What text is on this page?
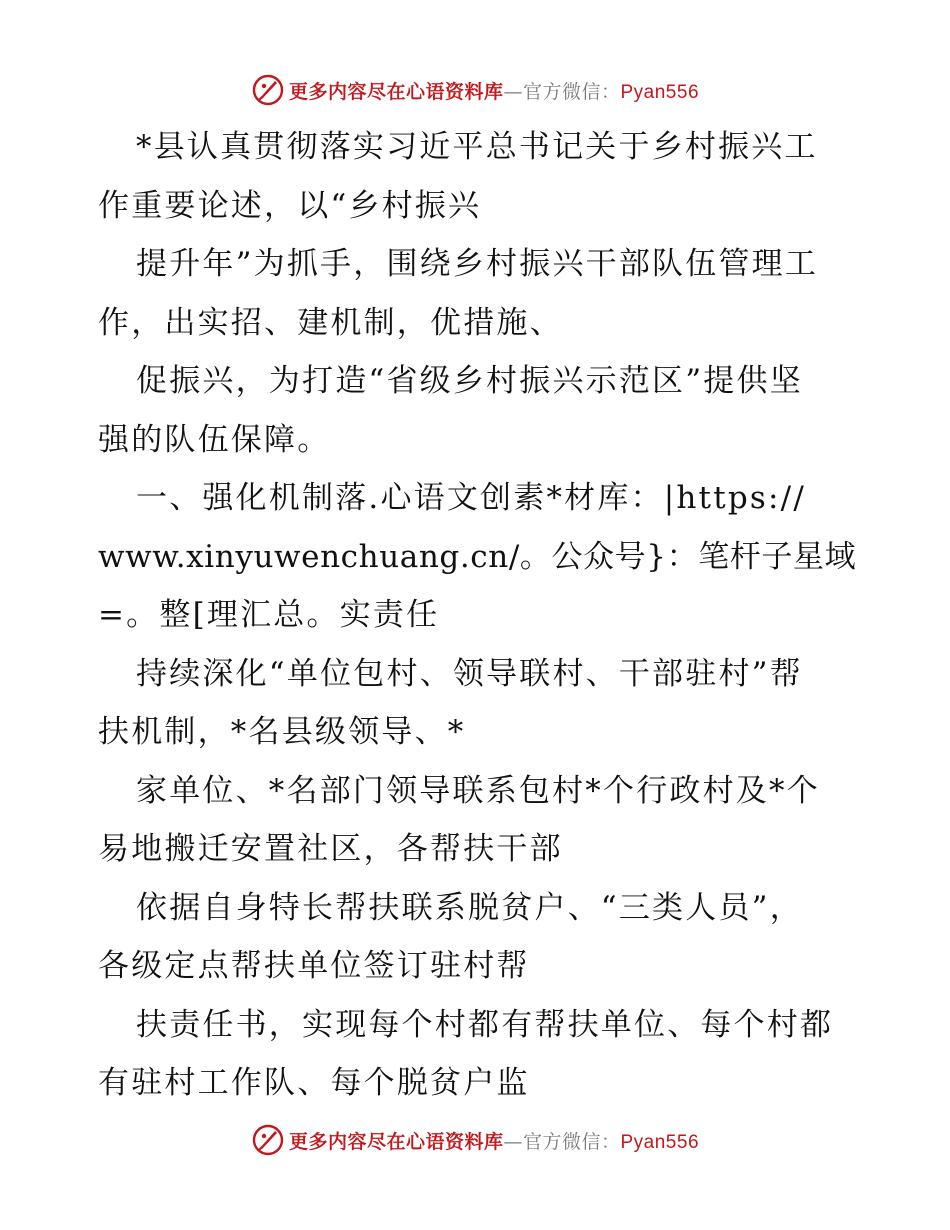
更多内容尽在心语资料库—官方微信：Pyan556
*县认真贯彻落实习近平总书记关于乡村振兴工
作重要论述，以“乡村振兴
提升年”为抓手，围绕乡村振兴干部队伍管理工
作，出实招、建机制，优措施、
促振兴，为打造“省级乡村振兴示范区”提供坚
强的队伍保障。
一、强化机制落.心语文创素*材库：|https://
www.xinyuwenchuang.cn/。公众号}：笔杆子星域
=。整[理汇总。实责任
持续深化“单位包村、领导联村、干部驻村”帮
扶机制，*名县级领导、*
家单位、*名部门领导联系包村*个行政村及*个
易地搬迁安置社区，各帮扶干部
依据自身特长帮扶联系脱贫户、“三类人员”，
各级定点帮扶单位签订驻村帮
扶责任书，实现每个村都有帮扶单位、每个村都
有驻村工作队、每个脱贫户监
更多内容尽在心语资料库—官方微信：Pyan556
